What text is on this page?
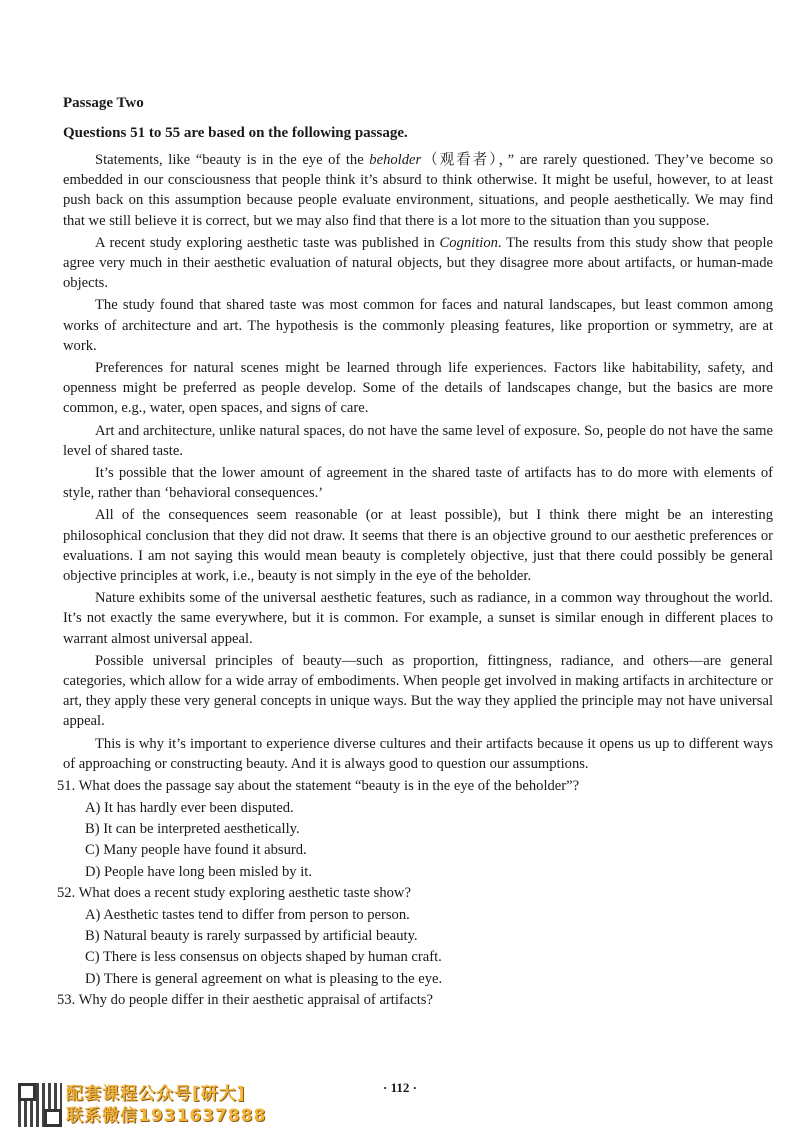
Passage Two
Questions 51 to 55 are based on the following passage.

Statements, like “beauty is in the eye of the beholder（观看者），” are rarely questioned. They’ve become so embedded in our consciousness that people think it’s absurd to think otherwise. It might be useful, however, to at least push back on this assumption because people evaluate environment, situations, and people aesthetically. We may find that we still believe it is correct, but we may also find that there is a lot more to the situation than you suppose.

A recent study exploring aesthetic taste was published in Cognition. The results from this study show that people agree very much in their aesthetic evaluation of natural objects, but they disagree more about artifacts, or human-made objects.

The study found that shared taste was most common for faces and natural landscapes, but least common among works of architecture and art. The hypothesis is the commonly pleasing features, like proportion or symmetry, are at work.

Preferences for natural scenes might be learned through life experiences. Factors like habitability, safety, and openness might be preferred as people develop. Some of the details of landscapes change, but the basics are more common, e.g., water, open spaces, and signs of care.

Art and architecture, unlike natural spaces, do not have the same level of exposure. So, people do not have the same level of shared taste.

It’s possible that the lower amount of agreement in the shared taste of artifacts has to do more with elements of style, rather than ‘behavioral consequences.’

All of the consequences seem reasonable (or at least possible), but I think there might be an interesting philosophical conclusion that they did not draw. It seems that there is an objective ground to our aesthetic preferences or evaluations. I am not saying this would mean beauty is completely objective, just that there could possibly be general objective principles at work, i.e., beauty is not simply in the eye of the beholder.

Nature exhibits some of the universal aesthetic features, such as radiance, in a common way throughout the world. It’s not exactly the same everywhere, but it is common. For example, a sunset is similar enough in different places to warrant almost universal appeal.

Possible universal principles of beauty—such as proportion, fittingness, radiance, and others—are general categories, which allow for a wide array of embodiments. When people get involved in making artifacts in architecture or art, they apply these very general concepts in unique ways. But the way they applied the principle may not have universal appeal.

This is why it’s important to experience diverse cultures and their artifacts because it opens us up to different ways of approaching or constructing beauty. And it is always good to question our assumptions.

51. What does the passage say about the statement “beauty is in the eye of the beholder”?

A) It has hardly ever been disputed.

B) It can be interpreted aesthetically.

C) Many people have found it absurd.

D) People have long been misled by it.

52. What does a recent study exploring aesthetic taste show?

A) Aesthetic tastes tend to differ from person to person.

B) Natural beauty is rarely surpassed by artificial beauty.

C) There is less consensus on objects shaped by human craft.

D) There is general agreement on what is pleasing to the eye.

53. Why do people differ in their aesthetic appraisal of artifacts?

· 112 ·
配套课程公众号[研大]
联系微信1931637888
